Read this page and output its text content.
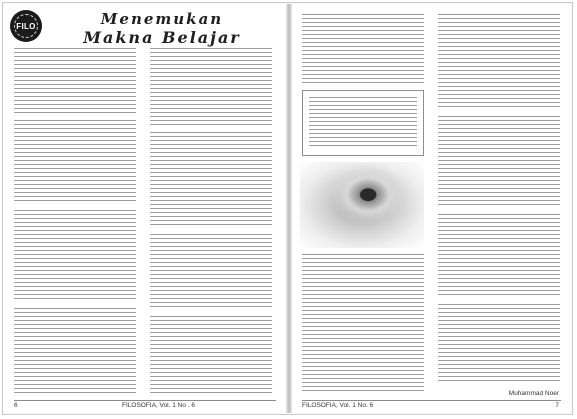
FILO	Menemukan
Makna Belajar
6	FILOSOFIA, Vol. 1 No . 6
Muhammad Noer
FILOSOFIA, Vol. 1 No. 6	7
